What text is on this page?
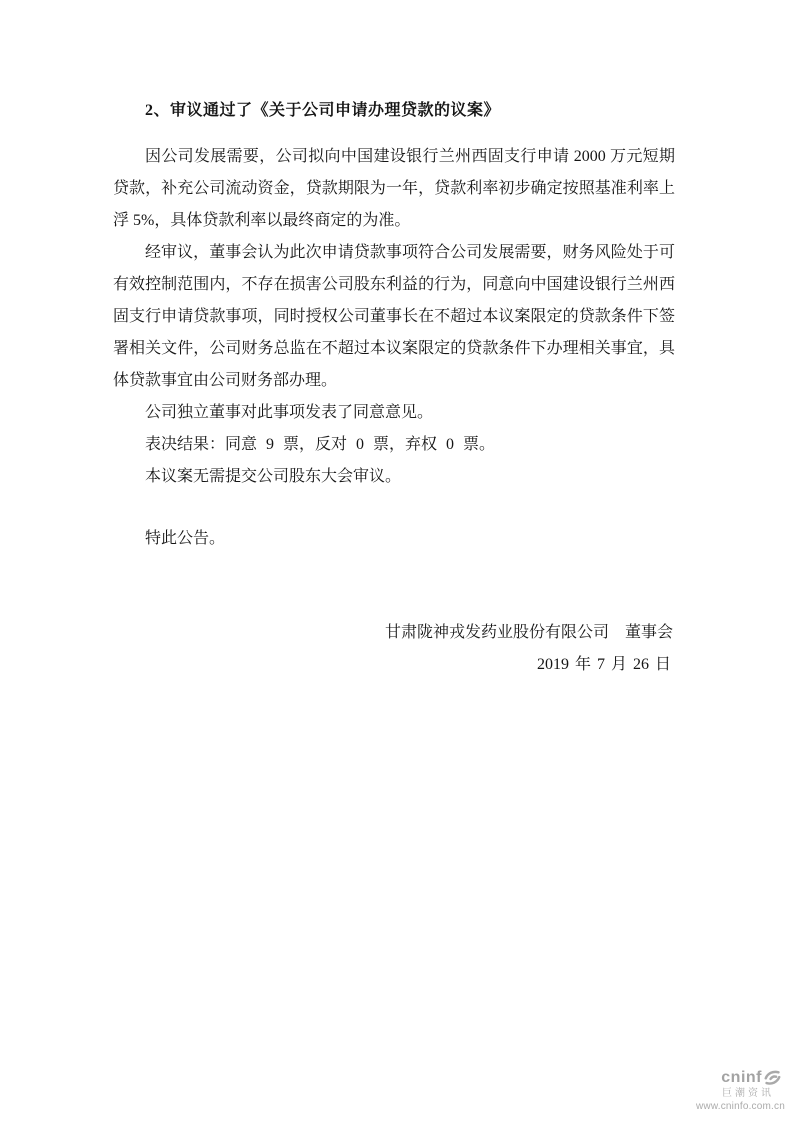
2、审议通过了《关于公司申请办理贷款的议案》

因公司发展需要，公司拟向中国建设银行兰州西固支行申请 2000 万元短期贷款，补充公司流动资金，贷款期限为一年，贷款利率初步确定按照基准利率上浮 5%，具体贷款利率以最终商定的为准。

经审议，董事会认为此次申请贷款事项符合公司发展需要，财务风险处于可有效控制范围内，不存在损害公司股东利益的行为，同意向中国建设银行兰州西固支行申请贷款事项，同时授权公司董事长在不超过本议案限定的贷款条件下签署相关文件，公司财务总监在不超过本议案限定的贷款条件下办理相关事宜，具体贷款事宜由公司财务部办理。

公司独立董事对此事项发表了同意意见。

表决结果：同意 9 票，反对 0 票，弃权 0 票。

本议案无需提交公司股东大会审议。

特此公告。

甘肃陇神戎发药业股份有限公司　董事会

2019 年 7 月 26 日

cninf
巨潮资讯
www.cninfo.com.cn
